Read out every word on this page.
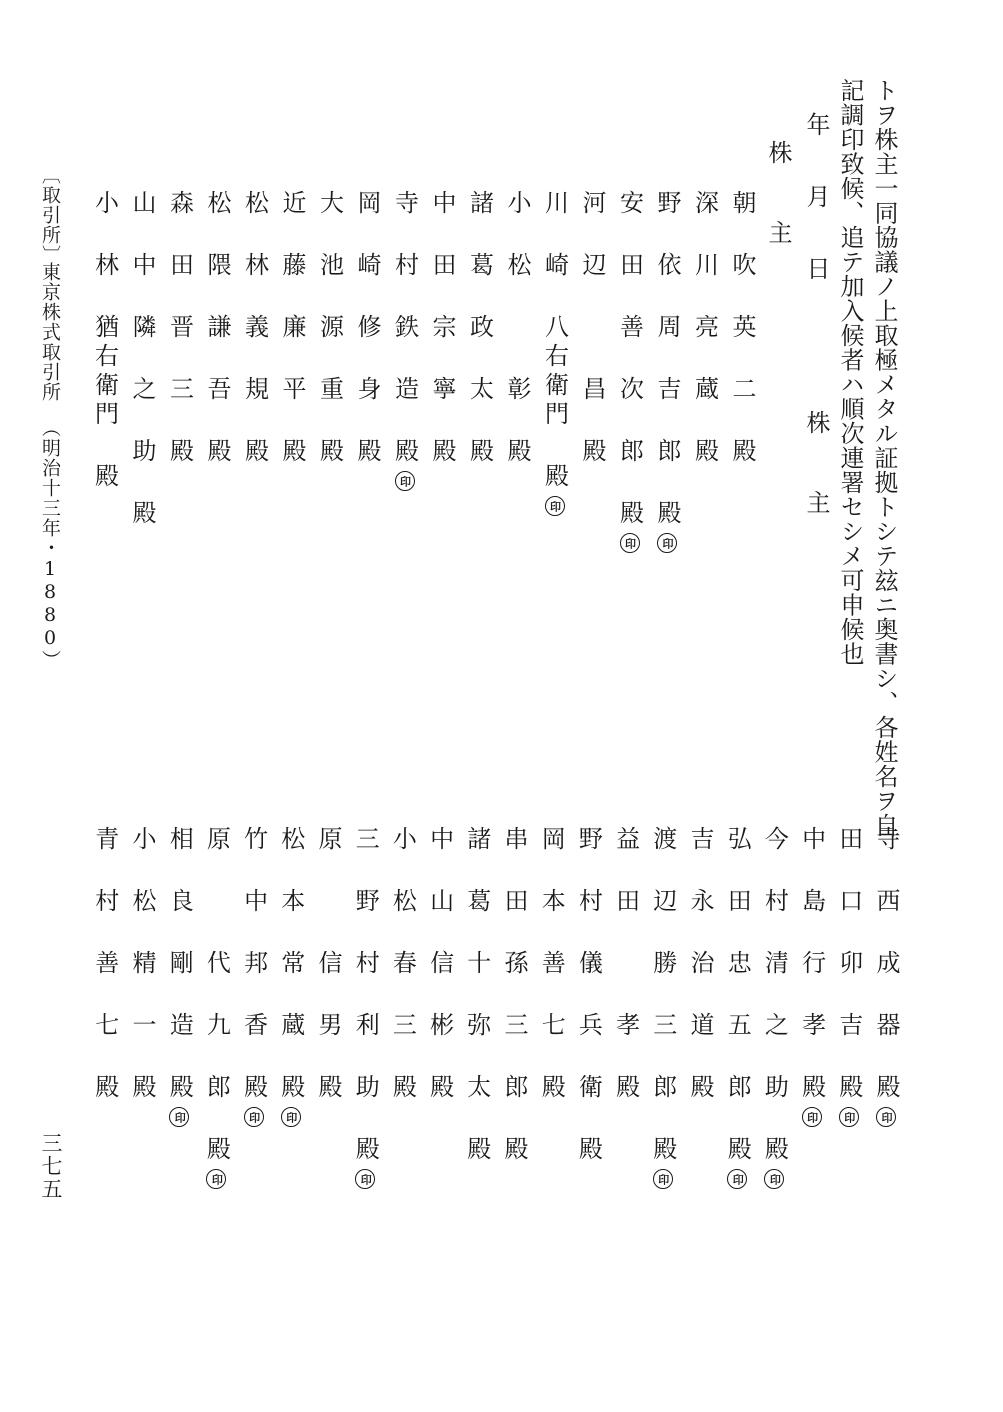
トヲ株主一同協議ノ上取極メタル証拠トシテ玆ニ奥書シ、各姓名ヲ自

記調印致候、追テ加入候者ハ順次連署セシメ可申候也

年 月 日

株 主

株 主

朝 吹 英 二 殿

深 川 亮 蔵 殿

野 依 周 吉 郎 殿印

安 田 善 次 郎 殿印

河 辺 　 昌 殿

川 崎 八右衛門 殿印

小 松 　 彰 殿

諸 葛 政 太 殿

中 田 宗 寧 殿

寺 村 鉄 造 殿印

岡 崎 修 身 殿

大 池 源 重 殿

近 藤 廉 平 殿

松 林 義 規 殿

松 隈 謙 吾 殿

森 田 晋 三 殿

山 中 隣 之 助 殿

小 林 猶右衛門 殿

寺 西 成 器 殿印

田 口 卯 吉 殿印

中 島 行 孝 殿印

今 村 清 之 助 殿印

弘 田 忠 五 郎 殿印

吉 永 治 道 殿

渡 辺 勝 三 郎 殿印

益 田 　 孝 殿

野 村 儀 兵 衛 殿

岡 本 善 七 殿

串 田 孫 三 郎 殿

諸 葛 十 弥 太 殿

中 山 信 彬 殿

小 松 春 三 殿

三 野 村 利 助 殿印

原 　 信 男 殿

松 本 常 蔵 殿印

竹 中 邦 香 殿印

原 　 代 九 郎 殿印

相 良 剛 造 殿印

小 松 精 一 殿

青 村 善 七 殿

〔取引所〕

東京株式取引所

（明治十三年・1880）

三七五
